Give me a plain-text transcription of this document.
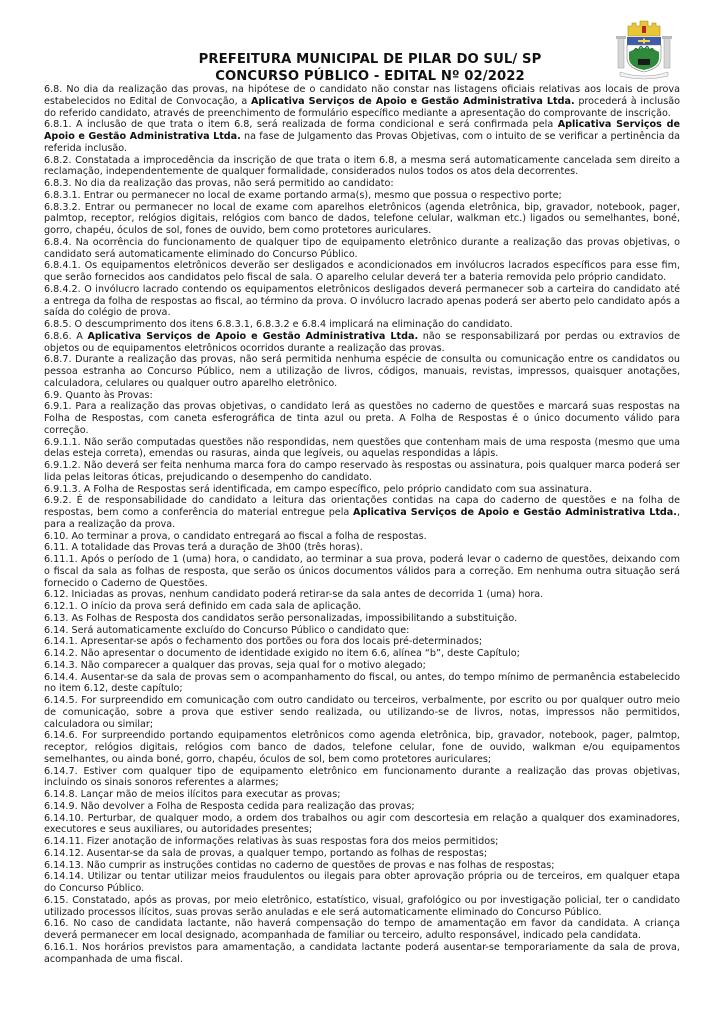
PREFEITURA MUNICIPAL DE PILAR DO SUL/ SP
CONCURSO PÚBLICO - EDITAL Nº 02/2022

6.8. No dia da realização das provas, na hipótese de o candidato não constar nas listagens oficiais relativas aos locais de prova estabelecidos no Edital de Convocação, a Aplicativa Serviços de Apoio e Gestão Administrativa Ltda. procederá à inclusão do referido candidato, através de preenchimento de formulário específico mediante a apresentação do comprovante de inscrição.

6.8.1. A inclusão de que trata o item 6.8, será realizada de forma condicional e será confirmada pela Aplicativa Serviços de Apoio e Gestão Administrativa Ltda. na fase de Julgamento das Provas Objetivas, com o intuito de se verificar a pertinência da referida inclusão.

6.8.2. Constatada a improcedência da inscrição de que trata o item 6.8, a mesma será automaticamente cancelada sem direito a reclamação, independentemente de qualquer formalidade, considerados nulos todos os atos dela decorrentes.

6.8.3. No dia da realização das provas, não será permitido ao candidato:

6.8.3.1. Entrar ou permanecer no local de exame portando arma(s), mesmo que possua o respectivo porte;

6.8.3.2. Entrar ou permanecer no local de exame com aparelhos eletrônicos (agenda eletrônica, bip, gravador, notebook, pager, palmtop, receptor, relógios digitais, relógios com banco de dados, telefone celular, walkman etc.) ligados ou semelhantes, boné, gorro, chapéu, óculos de sol, fones de ouvido, bem como protetores auriculares.

6.8.4. Na ocorrência do funcionamento de qualquer tipo de equipamento eletrônico durante a realização das provas objetivas, o candidato será automaticamente eliminado do Concurso Público.

6.8.4.1. Os equipamentos eletrônicos deverão ser desligados e acondicionados em invólucros lacrados específicos para esse fim, que serão fornecidos aos candidatos pelo fiscal de sala. O aparelho celular deverá ter a bateria removida pelo próprio candidato.

6.8.4.2. O invólucro lacrado contendo os equipamentos eletrônicos desligados deverá permanecer sob a carteira do candidato até a entrega da folha de respostas ao fiscal, ao término da prova. O invólucro lacrado apenas poderá ser aberto pelo candidato após a saída do colégio de prova.

6.8.5. O descumprimento dos itens 6.8.3.1, 6.8.3.2 e 6.8.4 implicará na eliminação do candidato.

6.8.6. A Aplicativa Serviços de Apoio e Gestão Administrativa Ltda. não se responsabilizará por perdas ou extravios de objetos ou de equipamentos eletrônicos ocorridos durante a realização das provas.

6.8.7. Durante a realização das provas, não será permitida nenhuma espécie de consulta ou comunicação entre os candidatos ou pessoa estranha ao Concurso Público, nem a utilização de livros, códigos, manuais, revistas, impressos, quaisquer anotações, calculadora, celulares ou qualquer outro aparelho eletrônico.

6.9. Quanto às Provas:

6.9.1. Para a realização das provas objetivas, o candidato lerá as questões no caderno de questões e marcará suas respostas na Folha de Respostas, com caneta esferográfica de tinta azul ou preta. A Folha de Respostas é o único documento válido para correção.

6.9.1.1. Não serão computadas questões não respondidas, nem questões que contenham mais de uma resposta (mesmo que uma delas esteja correta), emendas ou rasuras, ainda que legíveis, ou aquelas respondidas a lápis.

6.9.1.2. Não deverá ser feita nenhuma marca fora do campo reservado às respostas ou assinatura, pois qualquer marca poderá ser lida pelas leitoras óticas, prejudicando o desempenho do candidato.

6.9.1.3. A Folha de Respostas será identificada, em campo específico, pelo próprio candidato com sua assinatura.

6.9.2. É de responsabilidade do candidato a leitura das orientações contidas na capa do caderno de questões e na folha de respostas, bem como a conferência do material entregue pela Aplicativa Serviços de Apoio e Gestão Administrativa Ltda., para a realização da prova.

6.10. Ao terminar a prova, o candidato entregará ao fiscal a folha de respostas.

6.11. A totalidade das Provas terá a duração de 3h00 (três horas).

6.11.1. Após o período de 1 (uma) hora, o candidato, ao terminar a sua prova, poderá levar o caderno de questões, deixando com o fiscal da sala as folhas de resposta, que serão os únicos documentos válidos para a correção. Em nenhuma outra situação será fornecido o Caderno de Questões.

6.12. Iniciadas as provas, nenhum candidato poderá retirar-se da sala antes de decorrida 1 (uma) hora.

6.12.1. O início da prova será definido em cada sala de aplicação.

6.13. As Folhas de Resposta dos candidatos serão personalizadas, impossibilitando a substituição.

6.14. Será automaticamente excluído do Concurso Público o candidato que:

6.14.1. Apresentar-se após o fechamento dos portões ou fora dos locais pré-determinados;

6.14.2. Não apresentar o documento de identidade exigido no item 6.6, alínea “b”, deste Capítulo;

6.14.3. Não comparecer a qualquer das provas, seja qual for o motivo alegado;

6.14.4. Ausentar-se da sala de provas sem o acompanhamento do fiscal, ou antes, do tempo mínimo de permanência estabelecido no item 6.12, deste capítulo;

6.14.5. For surpreendido em comunicação com outro candidato ou terceiros, verbalmente, por escrito ou por qualquer outro meio de comunicação, sobre a prova que estiver sendo realizada, ou utilizando-se de livros, notas, impressos não permitidos, calculadora ou similar;

6.14.6. For surpreendido portando equipamentos eletrônicos como agenda eletrônica, bip, gravador, notebook, pager, palmtop, receptor, relógios digitais, relógios com banco de dados, telefone celular, fone de ouvido, walkman e/ou equipamentos semelhantes, ou ainda boné, gorro, chapéu, óculos de sol, bem como protetores auriculares;

6.14.7. Estiver com qualquer tipo de equipamento eletrônico em funcionamento durante a realização das provas objetivas, incluindo os sinais sonoros referentes a alarmes;

6.14.8. Lançar mão de meios ilícitos para executar as provas;

6.14.9. Não devolver a Folha de Resposta cedida para realização das provas;

6.14.10. Perturbar, de qualquer modo, a ordem dos trabalhos ou agir com descortesia em relação a qualquer dos examinadores, executores e seus auxiliares, ou autoridades presentes;

6.14.11. Fizer anotação de informações relativas às suas respostas fora dos meios permitidos;

6.14.12. Ausentar-se da sala de provas, a qualquer tempo, portando as folhas de respostas;

6.14.13. Não cumprir as instruções contidas no caderno de questões de provas e nas folhas de respostas;

6.14.14. Utilizar ou tentar utilizar meios fraudulentos ou ilegais para obter aprovação própria ou de terceiros, em qualquer etapa do Concurso Público.

6.15. Constatado, após as provas, por meio eletrônico, estatístico, visual, grafológico ou por investigação policial, ter o candidato utilizado processos ilícitos, suas provas serão anuladas e ele será automaticamente eliminado do Concurso Público.

6.16. No caso de candidata lactante, não haverá compensação do tempo de amamentação em favor da candidata. A criança deverá permanecer em local designado, acompanhada de familiar ou terceiro, adulto responsável, indicado pela candidata.

6.16.1. Nos horários previstos para amamentação, a candidata lactante poderá ausentar-se temporariamente da sala de prova, acompanhada de uma fiscal.
